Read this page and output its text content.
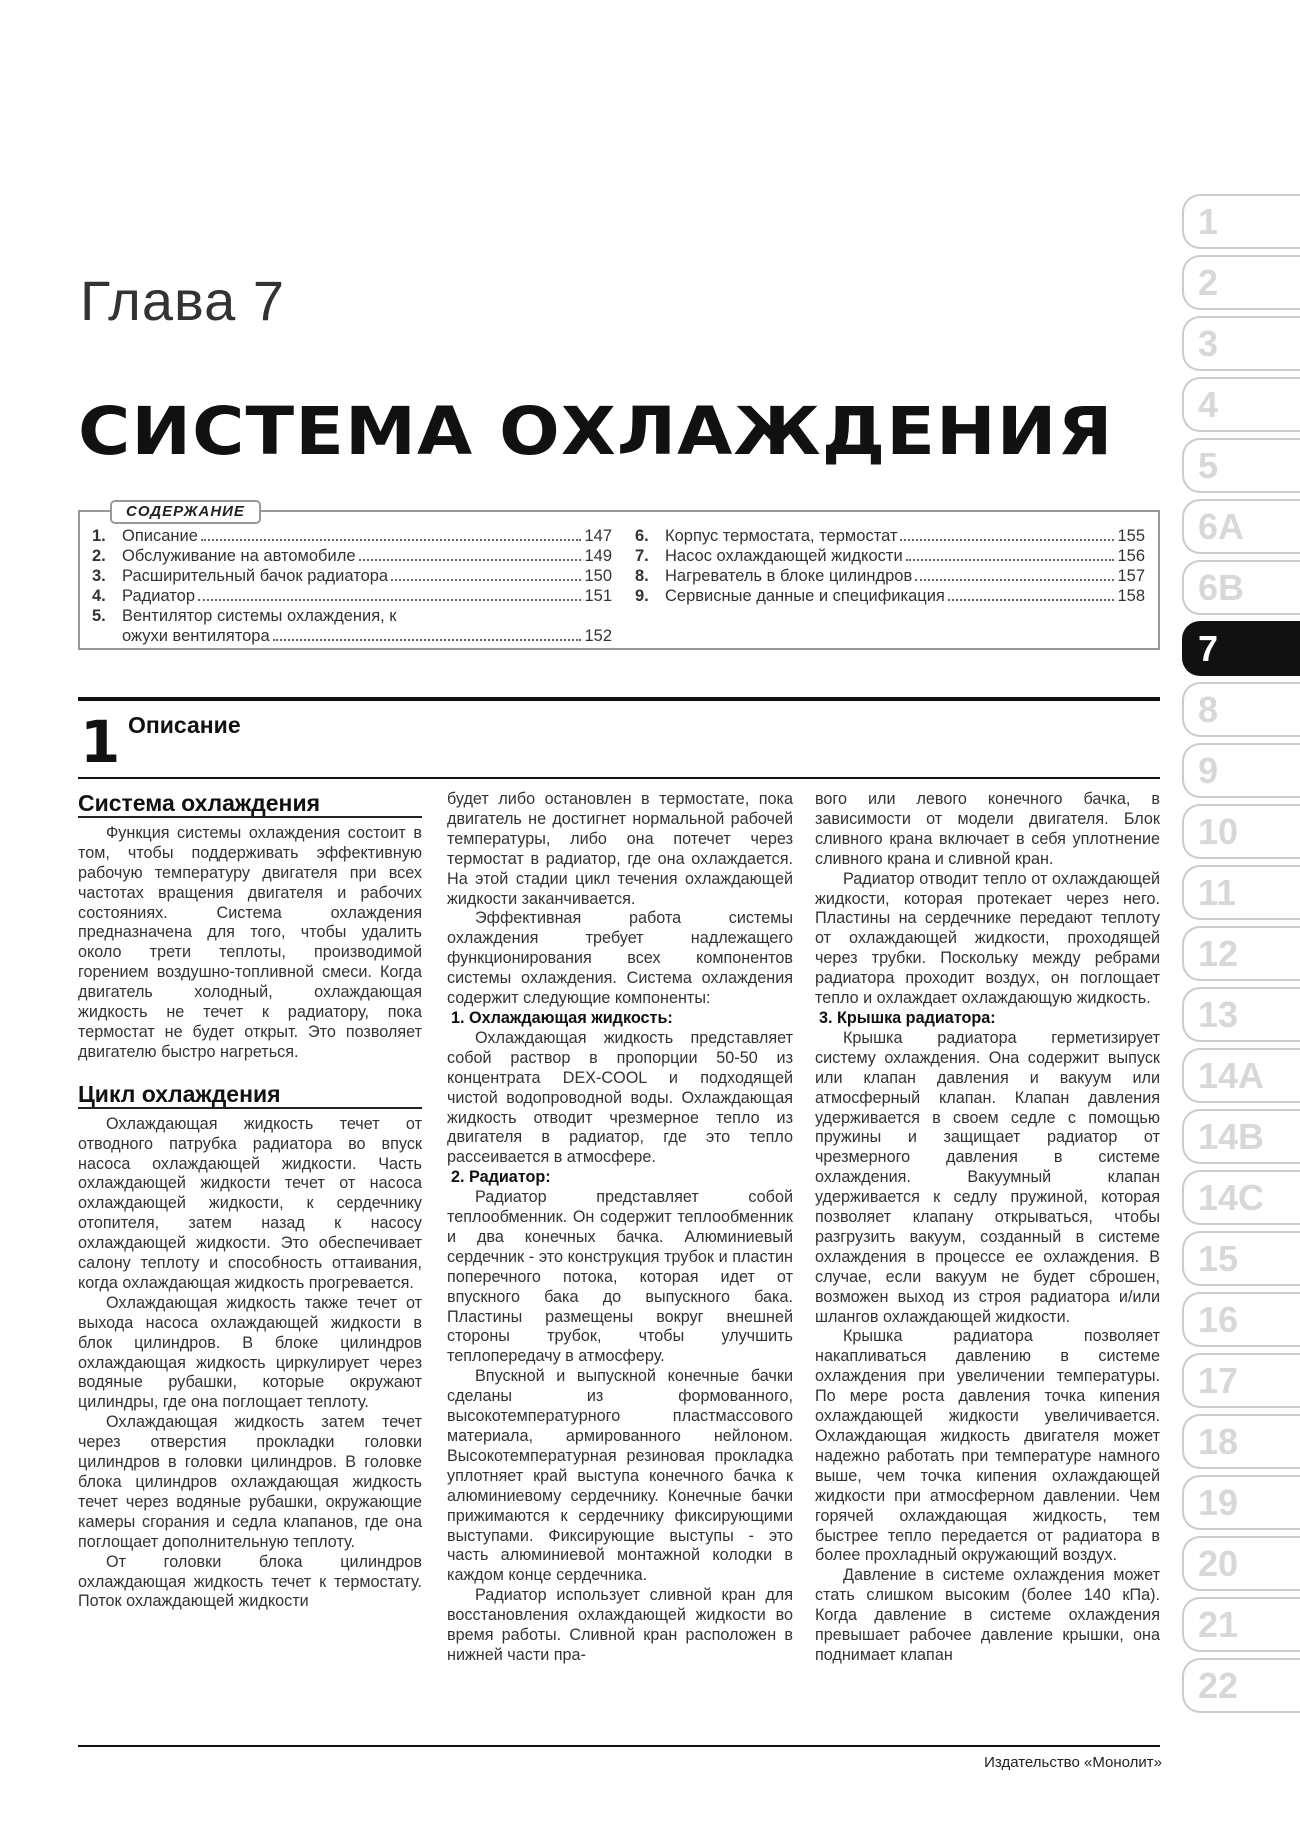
Глава 7
СИСТЕМА ОХЛАЖДЕНИЯ
СОДЕРЖАНИЕ
1. Описание	147
2. Обслуживание на автомобиле	149
3. Расширительный бачок радиатора	150
4. Радиатор	151
5. Вентилятор системы охлаждения, к
ожухи вентилятора	152
6. Корпус термостата, термостат	155
7. Насос охлаждающей жидкости	156
8. Нагреватель в блоке цилиндров	157
9. Сервисные данные и спецификация	158
1 Описание
Система охлаждения

Функция системы охлаждения состоит в том, чтобы поддерживать эффективную рабочую температуру двигателя при всех частотах вращения двигателя и рабочих состояниях. Система охлаждения предназначена для того, чтобы удалить около трети теплоты, производимой горением воздушно-топливной смеси. Когда двигатель холодный, охлаждающая жидкость не течет к радиатору, пока термостат не будет открыт. Это позволяет двигателю быстро нагреться.

Цикл охлаждения

Охлаждающая жидкость течет от отводного патрубка радиатора во впуск насоса охлаждающей жидкости. Часть охлаждающей жидкости течет от насоса охлаждающей жидкости, к сердечнику отопителя, затем назад к насосу охлаждающей жидкости. Это обеспечивает салону теплоту и способность оттаивания, когда охлаждающая жидкость прогревается.

Охлаждающая жидкость также течет от выхода насоса охлаждающей жидкости в блок цилиндров. В блоке цилиндров охлаждающая жидкость циркулирует через водяные рубашки, которые окружают цилиндры, где она поглощает теплоту.

Охлаждающая жидкость затем течет через отверстия прокладки головки цилиндров в головки цилиндров. В головке блока цилиндров охлаждающая жидкость течет через водяные рубашки, окружающие камеры сгорания и седла клапанов, где она поглощает дополнительную теплоту.

От головки блока цилиндров охлаждающая жидкость течет к термостату. Поток охлаждающей жидкости

будет либо остановлен в термостате, пока двигатель не достигнет нормальной рабочей температуры, либо она потечет через термостат в радиатор, где она охлаждается. На этой стадии цикл течения охлаждающей жидкости заканчивается.

Эффективная работа системы охлаждения требует надлежащего функционирования всех компонентов системы охлаждения. Система охлаждения содержит следующие компоненты:

1. Охлаждающая жидкость:

Охлаждающая жидкость представляет собой раствор в пропорции 50-50 из концентрата DEX-COOL и подходящей чистой водопроводной воды. Охлаждающая жидкость отводит чрезмерное тепло из двигателя в радиатор, где это тепло рассеивается в атмосфере.

2. Радиатор:

Радиатор представляет собой теплообменник. Он содержит теплообменник и два конечных бачка. Алюминиевый сердечник - это конструкция трубок и пластин поперечного потока, которая идет от впускного бака до выпускного бака. Пластины размещены вокруг внешней стороны трубок, чтобы улучшить теплопередачу в атмосферу.

Впускной и выпускной конечные бачки сделаны из формованного, высокотемпературного пластмассового материала, армированного нейлоном. Высокотемпературная резиновая прокладка уплотняет край выступа конечного бачка к алюминиевому сердечнику. Конечные бачки прижимаются к сердечнику фиксирующими выступами. Фиксирующие выступы - это часть алюминиевой монтажной колодки в каждом конце сердечника.

Радиатор использует сливной кран для восстановления охлаждающей жидкости во время работы. Сливной кран расположен в нижней части пра-

вого или левого конечного бачка, в зависимости от модели двигателя. Блок сливного крана включает в себя уплотнение сливного крана и сливной кран.

Радиатор отводит тепло от охлаждающей жидкости, которая протекает через него. Пластины на сердечнике передают теплоту от охлаждающей жидкости, проходящей через трубки. Поскольку между ребрами радиатора проходит воздух, он поглощает тепло и охлаждает охлаждающую жидкость.

3. Крышка радиатора:

Крышка радиатора герметизирует систему охлаждения. Она содержит выпуск или клапан давления и вакуум или атмосферный клапан. Клапан давления удерживается в своем седле с помощью пружины и защищает радиатор от чрезмерного давления в системе охлаждения. Вакуумный клапан удерживается к седлу пружиной, которая позволяет клапану открываться, чтобы разгрузить вакуум, созданный в системе охлаждения в процессе ее охлаждения. В случае, если вакуум не будет сброшен, возможен выход из строя радиатора и/или шлангов охлаждающей жидкости.

Крышка радиатора позволяет накапливаться давлению в системе охлаждения при увеличении температуры. По мере роста давления точка кипения охлаждающей жидкости увеличивается. Охлаждающая жидкость двигателя может надежно работать при температуре намного выше, чем точка кипения охлаждающей жидкости при атмосферном давлении. Чем горячей охлаждающая жидкость, тем быстрее тепло передается от радиатора в более прохладный окружающий воздух.

Давление в системе охлаждения может стать слишком высоким (более 140 кПа). Когда давление в системе охлаждения превышает рабочее давление крышки, она поднимает клапан

Издательство «Монолит»
1
2
3
4
5
6A
6B
7
8
9
10
11
12
13
14A
14B
14C
15
16
17
18
19
20
21
22
